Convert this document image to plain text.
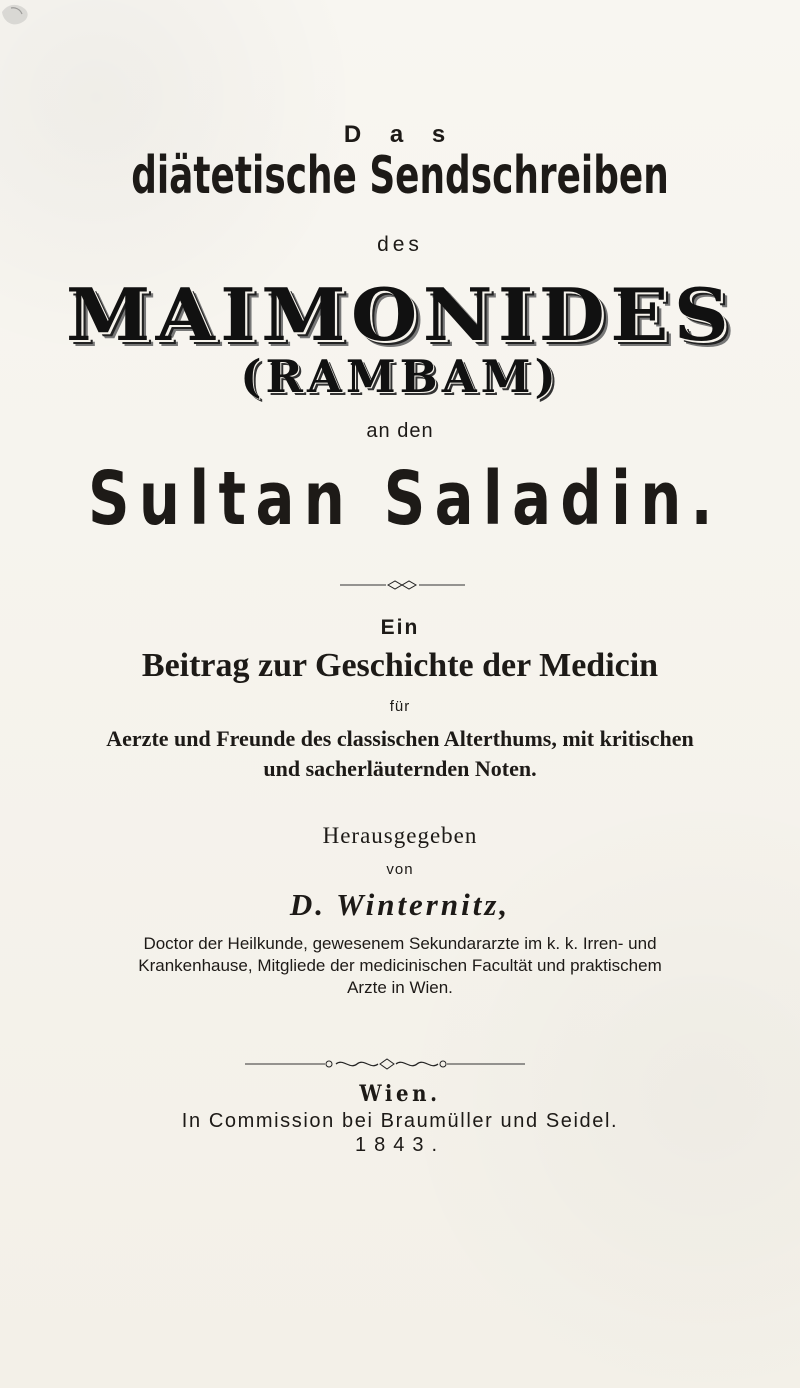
D a s
diätetische Sendschreiben
des
MAIMONIDES
(RAMBAM)
an den
Sultan Saladin.
Ein
Beitrag zur Geschichte der Medicin
für
Aerzte und Freunde des classischen Alterthums, mit kritischen
und sacherläuternden Noten.
Herausgegeben
von
D. Winternitz,
Doctor der Heilkunde, gewesenem Sekundararzte im k. k. Irren- und
Krankenhause, Mitgliede der medicinischen Facultät und praktischem
Arzte in Wien.
Wien.
In Commission bei Braumüller und Seidel.
1843.
